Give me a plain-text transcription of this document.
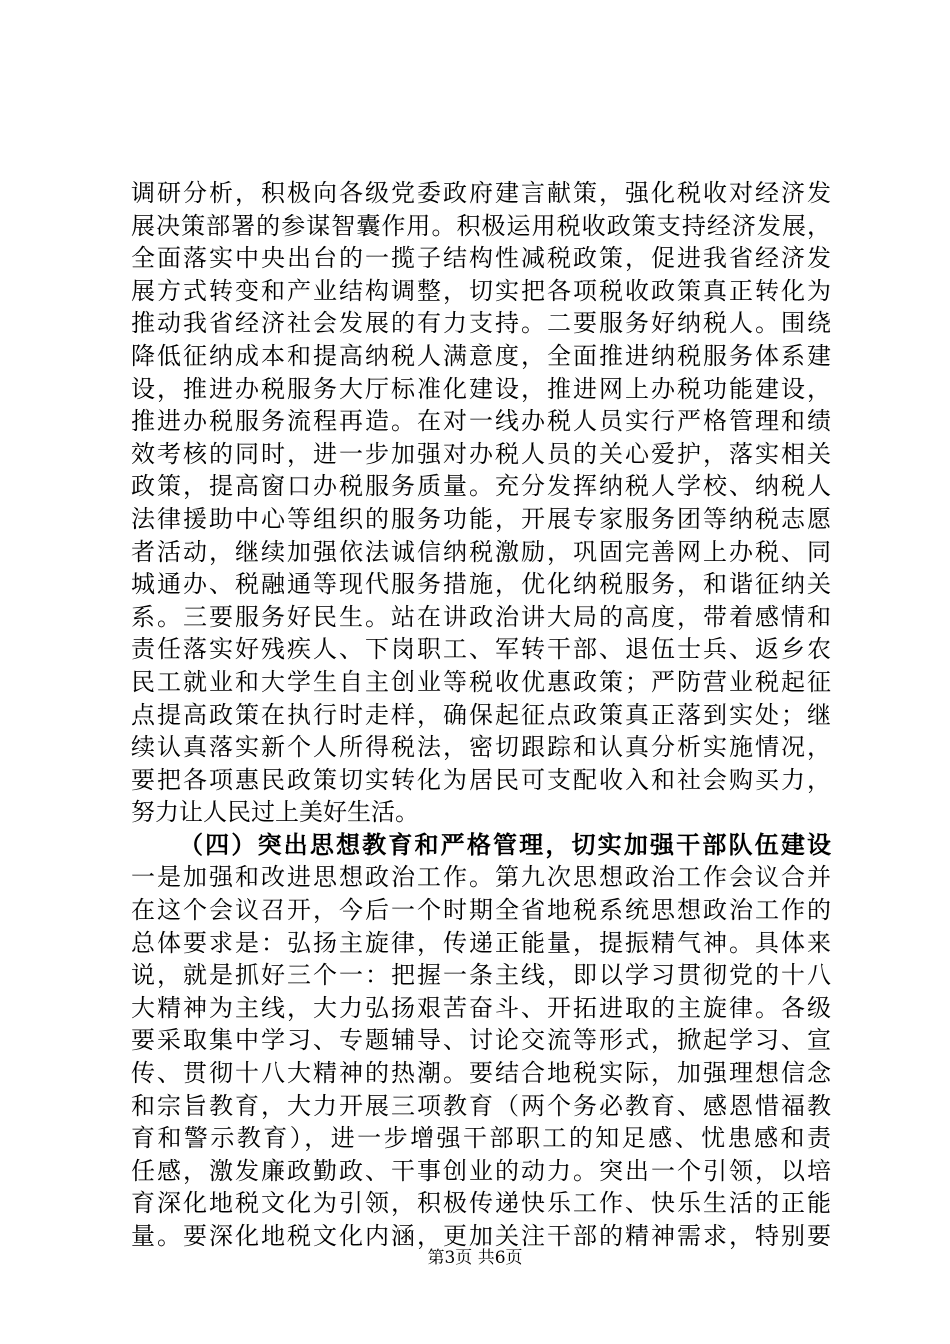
调研分析，积极向各级党委政府建言献策，强化税收对经济发
展决策部署的参谋智囊作用。积极运用税收政策支持经济发展，
全面落实中央出台的一揽子结构性减税政策，促进我省经济发
展方式转变和产业结构调整，切实把各项税收政策真正转化为
推动我省经济社会发展的有力支持。二要服务好纳税人。围绕
降低征纳成本和提高纳税人满意度，全面推进纳税服务体系建
设，推进办税服务大厅标准化建设，推进网上办税功能建设，
推进办税服务流程再造。在对一线办税人员实行严格管理和绩
效考核的同时，进一步加强对办税人员的关心爱护，落实相关
政策，提高窗口办税服务质量。充分发挥纳税人学校、纳税人
法律援助中心等组织的服务功能，开展专家服务团等纳税志愿
者活动，继续加强依法诚信纳税激励，巩固完善网上办税、同
城通办、税融通等现代服务措施，优化纳税服务，和谐征纳关
系。三要服务好民生。站在讲政治讲大局的高度，带着感情和
责任落实好残疾人、下岗职工、军转干部、退伍士兵、返乡农
民工就业和大学生自主创业等税收优惠政策；严防营业税起征
点提高政策在执行时走样，确保起征点政策真正落到实处；继
续认真落实新个人所得税法，密切跟踪和认真分析实施情况，
要把各项惠民政策切实转化为居民可支配收入和社会购买力，
努力让人民过上美好生活。
（四）突出思想教育和严格管理，切实加强干部队伍建设
一是加强和改进思想政治工作。第九次思想政治工作会议合并
在这个会议召开，今后一个时期全省地税系统思想政治工作的
总体要求是：弘扬主旋律，传递正能量，提振精气神。具体来
说，就是抓好三个一：把握一条主线，即以学习贯彻党的十八
大精神为主线，大力弘扬艰苦奋斗、开拓进取的主旋律。各级
要采取集中学习、专题辅导、讨论交流等形式，掀起学习、宣
传、贯彻十八大精神的热潮。要结合地税实际，加强理想信念
和宗旨教育，大力开展三项教育（两个务必教育、感恩惜福教
育和警示教育），进一步增强干部职工的知足感、忧患感和责
任感，激发廉政勤政、干事创业的动力。突出一个引领，以培
育深化地税文化为引领，积极传递快乐工作、快乐生活的正能
量。要深化地税文化内涵，更加关注干部的精神需求，特别要
第3页 共6页
